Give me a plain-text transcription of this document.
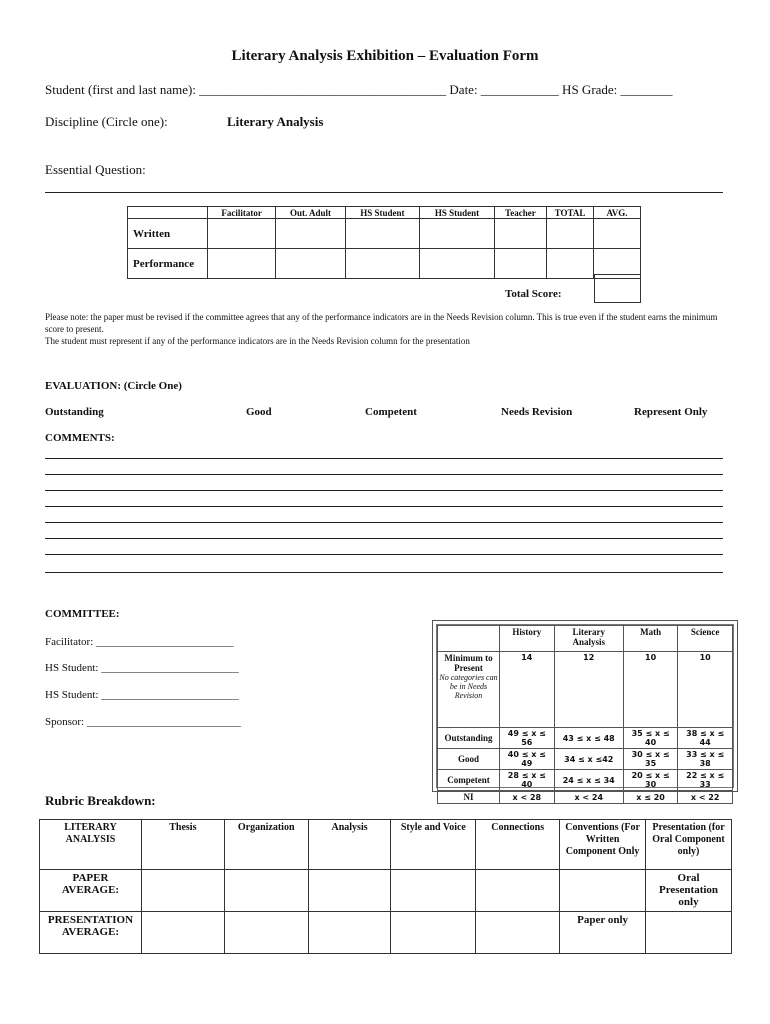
Literary Analysis Exhibition – Evaluation Form
Student (first and last name): ______________________________________ Date: ____________ HS Grade: ________
Discipline (Circle one):	Literary Analysis
Essential Question:
	Facilitator	Out. Adult	HS Student	HS Student	Teacher	TOTAL	AVG.
Written							
Performance							
Total Score:
Please note: the paper must be revised if the committee agrees that any of the performance indicators are in the Needs Revision column. This is true even if the student earns the minimum score to present.
The student must represent if any of the performance indicators are in the Needs Revision column for the presentation
EVALUATION: (Circle One)
Outstanding	Good	Competent	Needs Revision	Represent Only
COMMENTS:
COMMITTEE:
Facilitator: _________________________
HS Student: _________________________
HS Student: _________________________
Sponsor: ____________________________
	History	Literary Analysis	Math	Science
Minimum to Present
No categories can be in Needs Revision	14	12	10	10
Outstanding	49 ≤ x ≤ 56	43 ≤ x ≤ 48	35 ≤ x ≤ 40	38 ≤ x ≤ 44
Good	40 ≤ x ≤ 49	34 ≤ x ≤42	30 ≤ x ≤ 35	33 ≤ x ≤ 38
Competent	28 ≤ x ≤ 40	24 ≤ x ≤ 34	20 ≤ x ≤ 30	22 ≤ x ≤ 33
NI	x < 28	x < 24	x ≤ 20	x < 22
Rubric Breakdown:
LITERARY ANALYSIS	Thesis	Organization	Analysis	Style and Voice	Connections	Conventions (For Written Component Only	Presentation (for Oral Component only)
PAPER AVERAGE:							Oral Presentation only
PRESENTATION AVERAGE:						Paper only	
